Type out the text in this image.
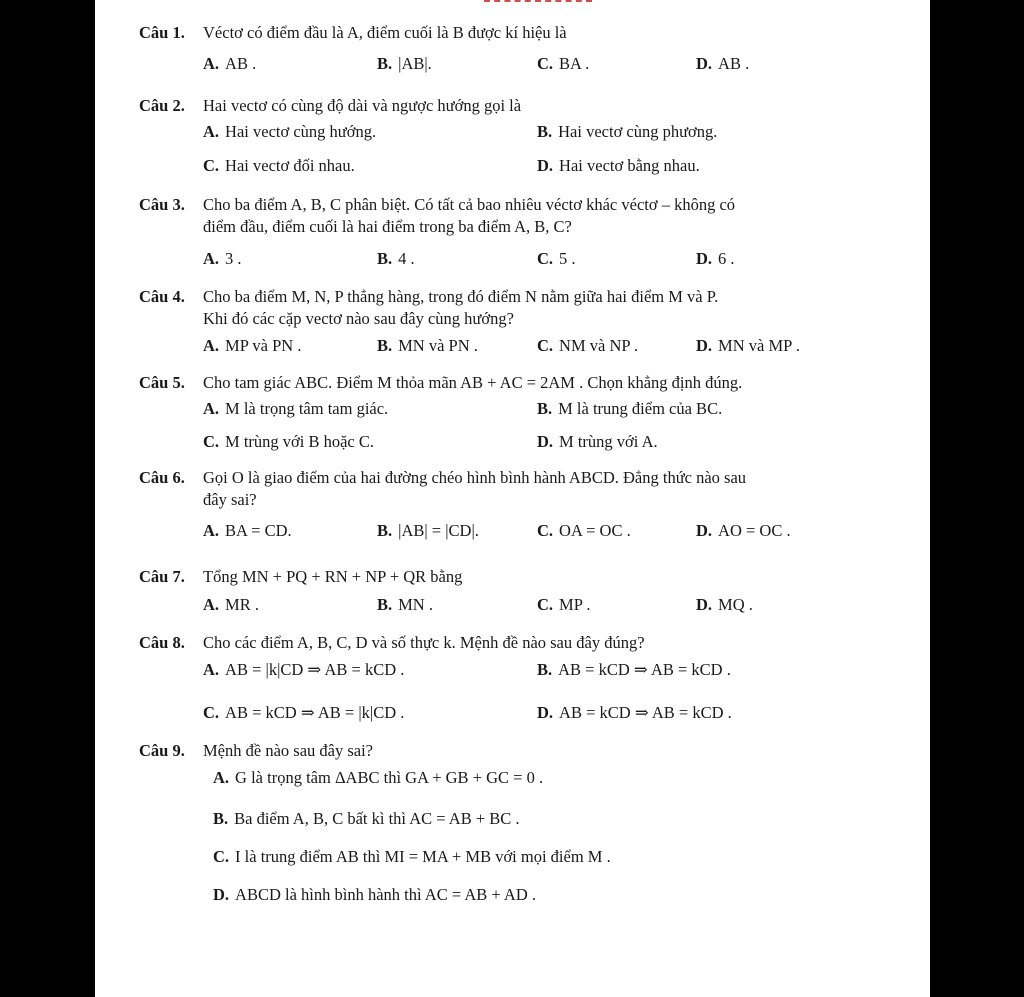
Câu 1. Véctơ có điểm đầu là A, điểm cuối là B được kí hiệu là
A. AB .	B. |AB|.	C. BA .	D. AB .
Câu 2. Hai vectơ có cùng độ dài và ngược hướng gọi là
A. Hai vectơ cùng hướng.	B. Hai vectơ cùng phương.
C. Hai vectơ đối nhau.	D. Hai vectơ bằng nhau.
Câu 3. Cho ba điểm A, B, C phân biệt. Có tất cả bao nhiêu véctơ khác véctơ – không có
điểm đầu, điểm cuối là hai điểm trong ba điểm A, B, C?
A. 3 .	B. 4 .	C. 5 .	D. 6 .
Câu 4. Cho ba điểm M, N, P thẳng hàng, trong đó điểm N nằm giữa hai điểm M và P.
Khi đó các cặp vectơ nào sau đây cùng hướng?
A. MP và PN .	B. MN và PN .	C. NM và NP .	D. MN và MP .
Câu 5. Cho tam giác ABC. Điểm M thỏa mãn AB + AC = 2AM . Chọn khẳng định đúng.
A. M là trọng tâm tam giác.	B. M là trung điểm của BC.
C. M trùng với B hoặc C.	D. M trùng với A.
Câu 6. Gọi O là giao điểm của hai đường chéo hình bình hành ABCD. Đẳng thức nào sau
đây sai?
A. BA = CD.	B. |AB| = |CD|.	C. OA = OC .	D. AO = OC .
Câu 7. Tổng MN + PQ + RN + NP + QR bằng
A. MR .	B. MN .	C. MP .	D. MQ .
Câu 8. Cho các điểm A, B, C, D và số thực k. Mệnh đề nào sau đây đúng?
A. AB = |k|CD ⇒ AB = kCD .	B. AB = kCD ⇒ AB = kCD .
C. AB = kCD ⇒ AB = |k|CD .	D. AB = kCD ⇒ AB = kCD .
Câu 9. Mệnh đề nào sau đây sai?
A. G là trọng tâm ΔABC thì GA + GB + GC = 0 .
B. Ba điểm A, B, C bất kì thì AC = AB + BC .
C. I là trung điểm AB thì MI = MA + MB với mọi điểm M .
D. ABCD là hình bình hành thì AC = AB + AD .
